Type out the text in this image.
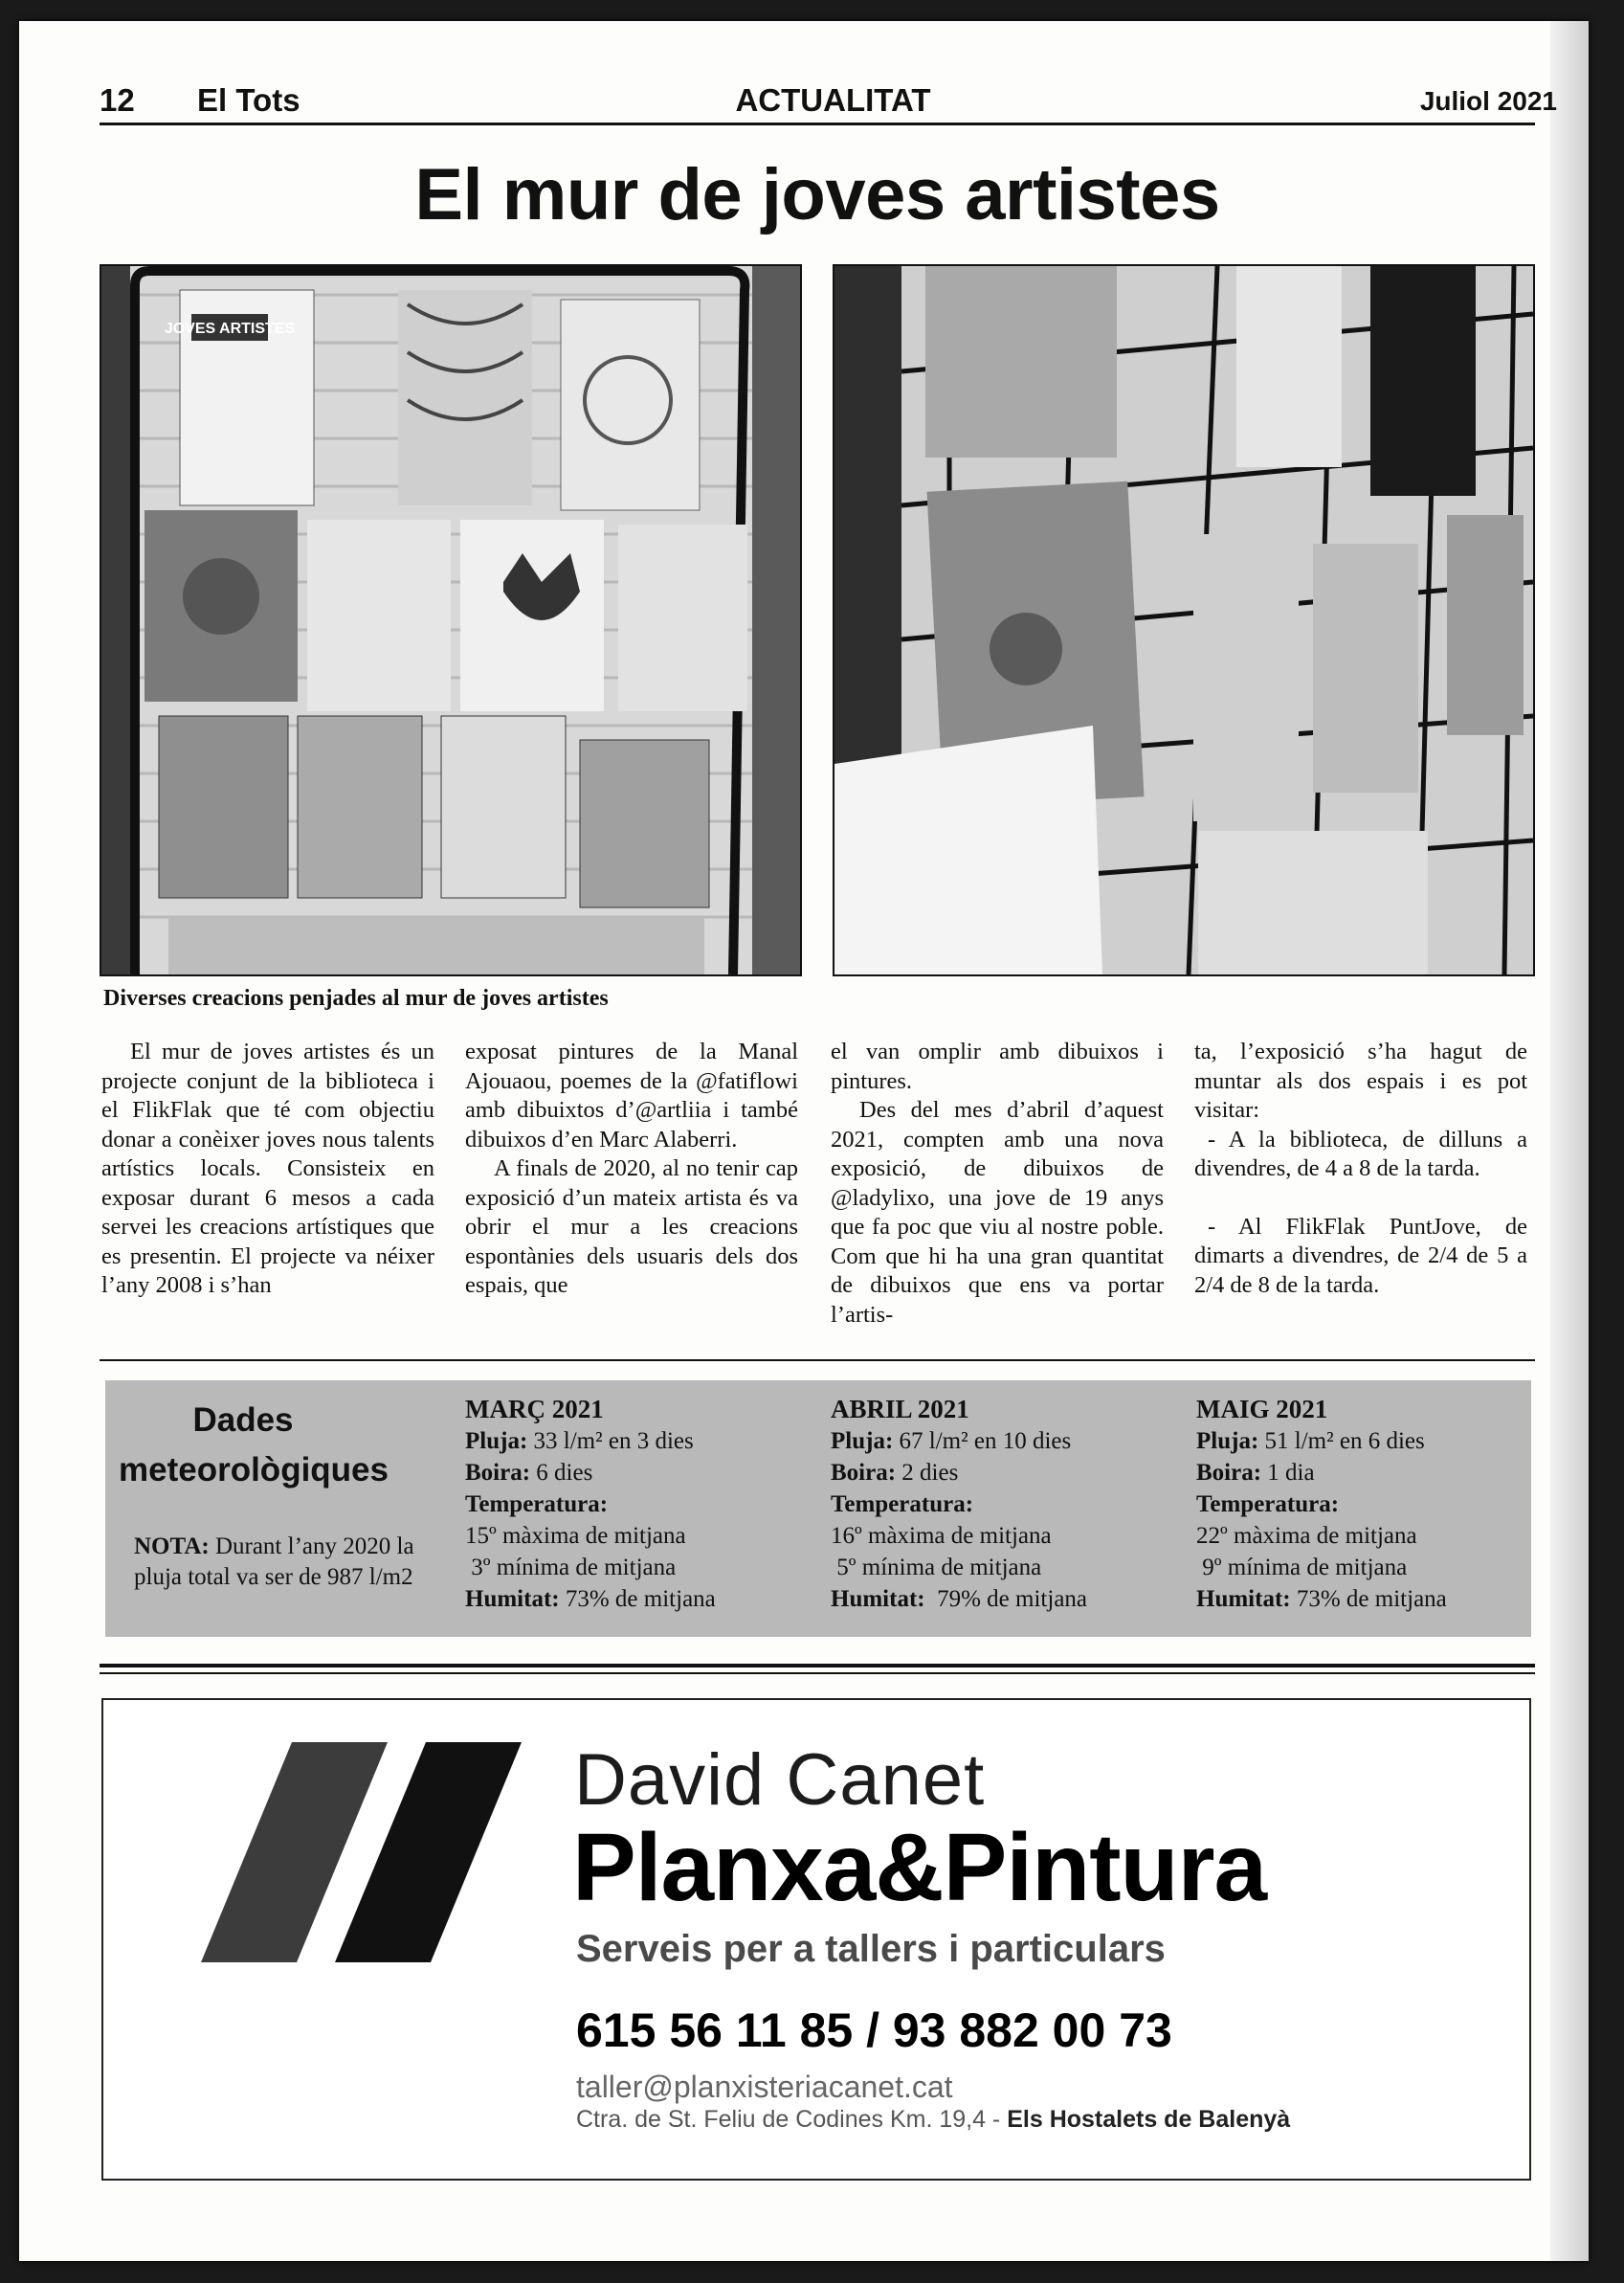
12 El Tots	ACTUALITAT	Juliol 2021
El mur de joves artistes
JOVES ARTISTES
Diverses creacions penjades al mur de joves artistes

El mur de joves artistes és un projecte conjunt de la biblioteca i el FlikFlak que té com objectiu donar a conèixer joves nous talents artístics locals. Consisteix en exposar durant 6 mesos a cada servei les creacions artístiques que es presentin. El projecte va néixer l’any 2008 i s’han

exposat pintures de la Manal Ajouaou, poemes de la @fatiflowi amb dibuixtos d’@artliia i també dibuixos d’en Marc Alaberri.

A finals de 2020, al no tenir cap exposició d’un mateix artista és va obrir el mur a les creacions espontànies dels usuaris dels dos espais, que

el van omplir amb dibuixos i pintures.

Des del mes d’abril d’aquest 2021, compten amb una nova exposició, de dibuixos de @ladylixo, una jove de 19 anys que fa poc que viu al nostre poble. Com que hi ha una gran quantitat de dibuixos que ens va portar l’artis-

ta, l’exposició s’ha hagut de muntar als dos espais i es pot visitar:

- A la biblioteca, de dilluns a divendres, de 4 a 8 de la tarda.

- Al FlikFlak PuntJove, de dimarts a divendres, de 2/4 de 5 a 2/4 de 8 de la tarda.

Dades
meteorològiques
NOTA: Durant l’any 2020 la pluja total va ser de 987 l/m2
MARÇ 2021
Pluja: 33 l/m² en 3 dies
Boira: 6 dies
Temperatura:
15º màxima de mitjana
3º mínima de mitjana
Humitat: 73% de mitjana
ABRIL 2021
Pluja: 67 l/m² en 10 dies
Boira: 2 dies
Temperatura:
16º màxima de mitjana
5º mínima de mitjana
Humitat:  79% de mitjana
MAIG 2021
Pluja: 51 l/m² en 6 dies
Boira: 1 dia
Temperatura:
22º màxima de mitjana
9º mínima de mitjana
Humitat: 73% de mitjana
David Canet
Planxa&Pintura
Serveis per a tallers i particulars
615 56 11 85 / 93 882 00 73
taller@planxisteriacanet.cat
Ctra. de St. Feliu de Codines Km. 19,4 - Els Hostalets de Balenyà
